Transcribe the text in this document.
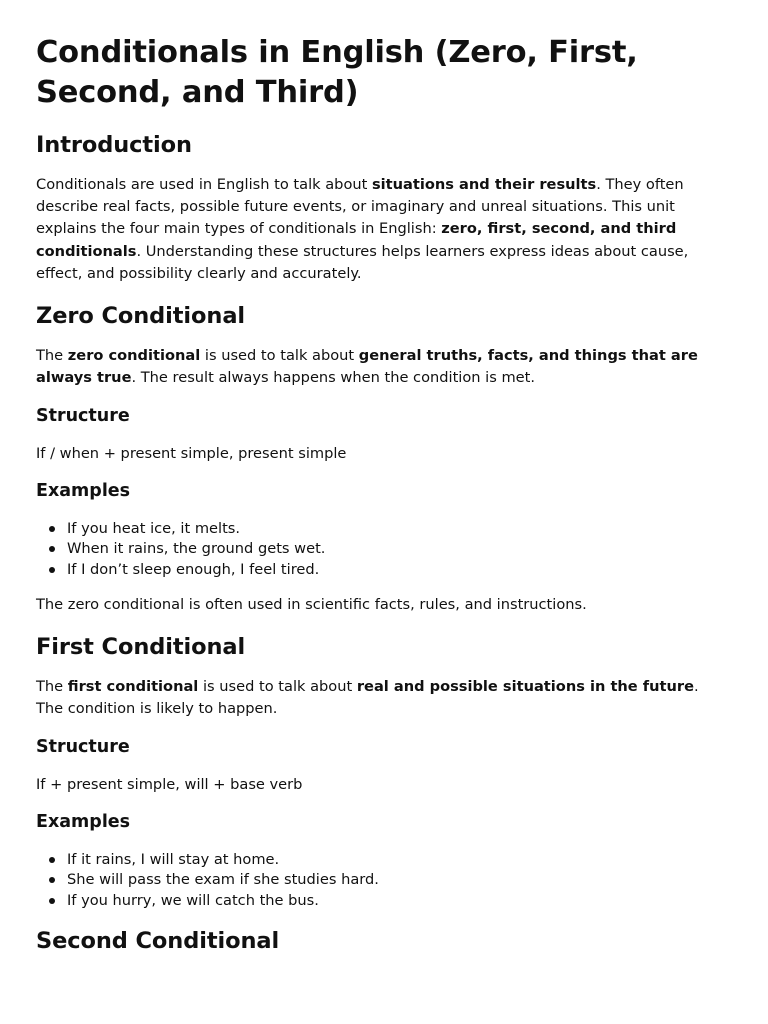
Conditionals in English (Zero, First, Second, and Third)
Introduction

Conditionals are used in English to talk about situations and their results. They often describe real facts, possible future events, or imaginary and unreal situations. This unit explains the four main types of conditionals in English: zero, first, second, and third conditionals. Understanding these structures helps learners express ideas about cause, effect, and possibility clearly and accurately.

Zero Conditional

The zero conditional is used to talk about general truths, facts, and things that are always true. The result always happens when the condition is met.

Structure

If / when + present simple, present simple

Examples
If you heat ice, it melts.
When it rains, the ground gets wet.
If I don’t sleep enough, I feel tired.

The zero conditional is often used in scientific facts, rules, and instructions.

First Conditional

The first conditional is used to talk about real and possible situations in the future. The condition is likely to happen.

Structure

If + present simple, will + base verb

Examples
If it rains, I will stay at home.
She will pass the exam if she studies hard.
If you hurry, we will catch the bus.
Second Conditional
